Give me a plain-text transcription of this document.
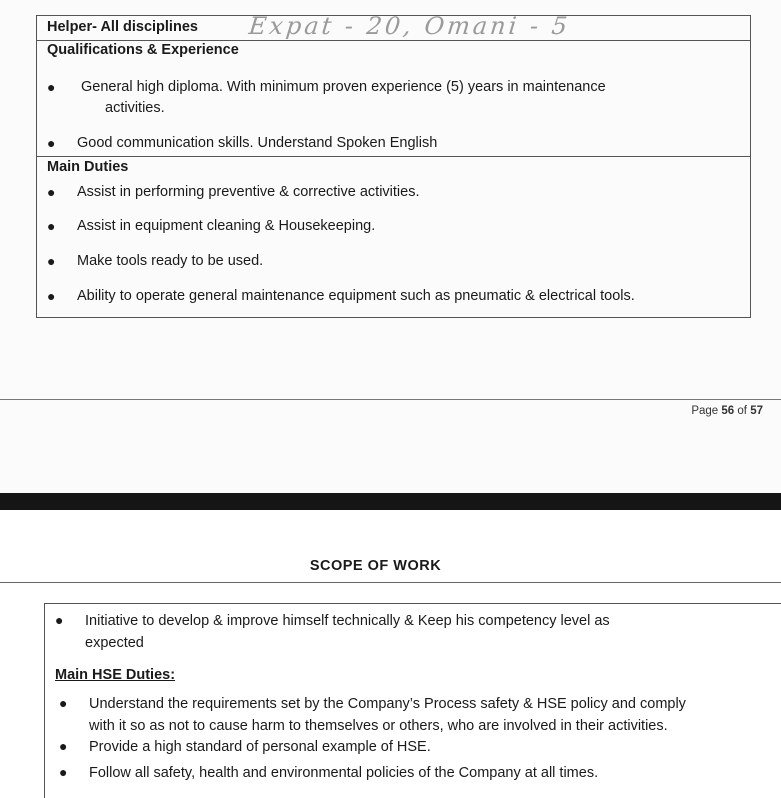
Helper- All disciplines Expat - 20, Omani - 5
Qualifications & Experience
● General high diploma. With minimum proven experience (5) years in maintenance
activities.
● Good communication skills. Understand Spoken English
Main Duties
● Assist in performing preventive & corrective activities.
● Assist in equipment cleaning & Housekeeping.
● Make tools ready to be used.
● Ability to operate general maintenance equipment such as pneumatic & electrical tools.
Page 56 of 57
SCOPE OF WORK
● Initiative to develop & improve himself technically & Keep his competency level as
expected
Main HSE Duties:
● Understand the requirements set by the Company’s Process safety & HSE policy and comply
with it so as not to cause harm to themselves or others, who are involved in their activities.
● Provide a high standard of personal example of HSE.
● Follow all safety, health and environmental policies of the Company at all times.
